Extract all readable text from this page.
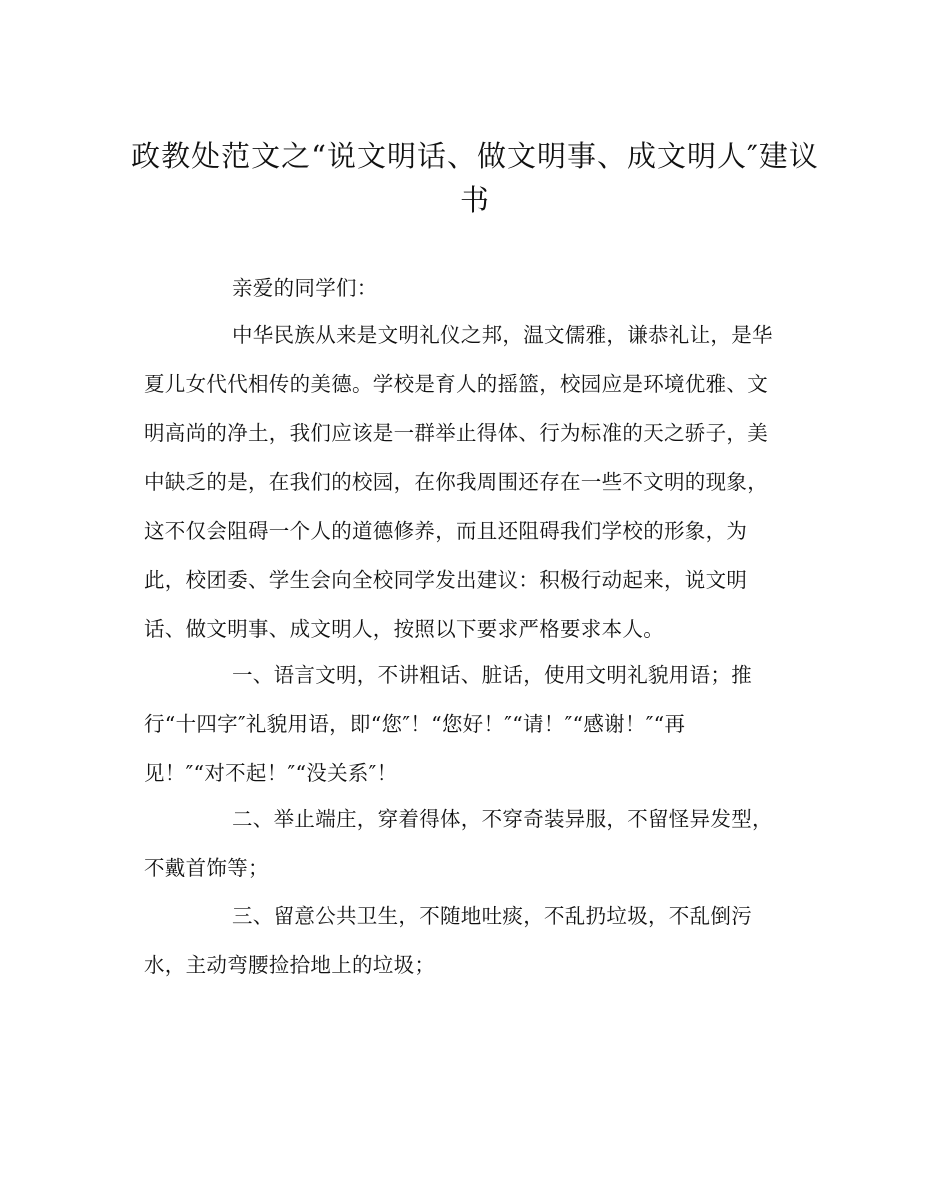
政教处范文之“说文明话、做文明事、成文明人″建议
书

亲爱的同学们：

中华民族从来是文明礼仪之邦，温文儒雅，谦恭礼让，是华
夏儿女代代相传的美德。学校是育人的摇篮，校园应是环境优雅、文
明高尚的净土，我们应该是一群举止得体、行为标准的天之骄子，美
中缺乏的是，在我们的校园，在你我周围还存在一些不文明的现象，
这不仅会阻碍一个人的道德修养，而且还阻碍我们学校的形象，为
此，校团委、学生会向全校同学发出建议：积极行动起来，说文明
话、做文明事、成文明人，按照以下要求严格要求本人。

一、语言文明，不讲粗话、脏话，使用文明礼貌用语；推
行“十四字″礼貌用语，即“您″！“您好！″“请！″“感谢！″“再
见！″“对不起！″“没关系″！

二、举止端庄，穿着得体，不穿奇装异服，不留怪异发型，
不戴首饰等；

三、留意公共卫生，不随地吐痰，不乱扔垃圾，不乱倒污
水，主动弯腰捡拾地上的垃圾；
